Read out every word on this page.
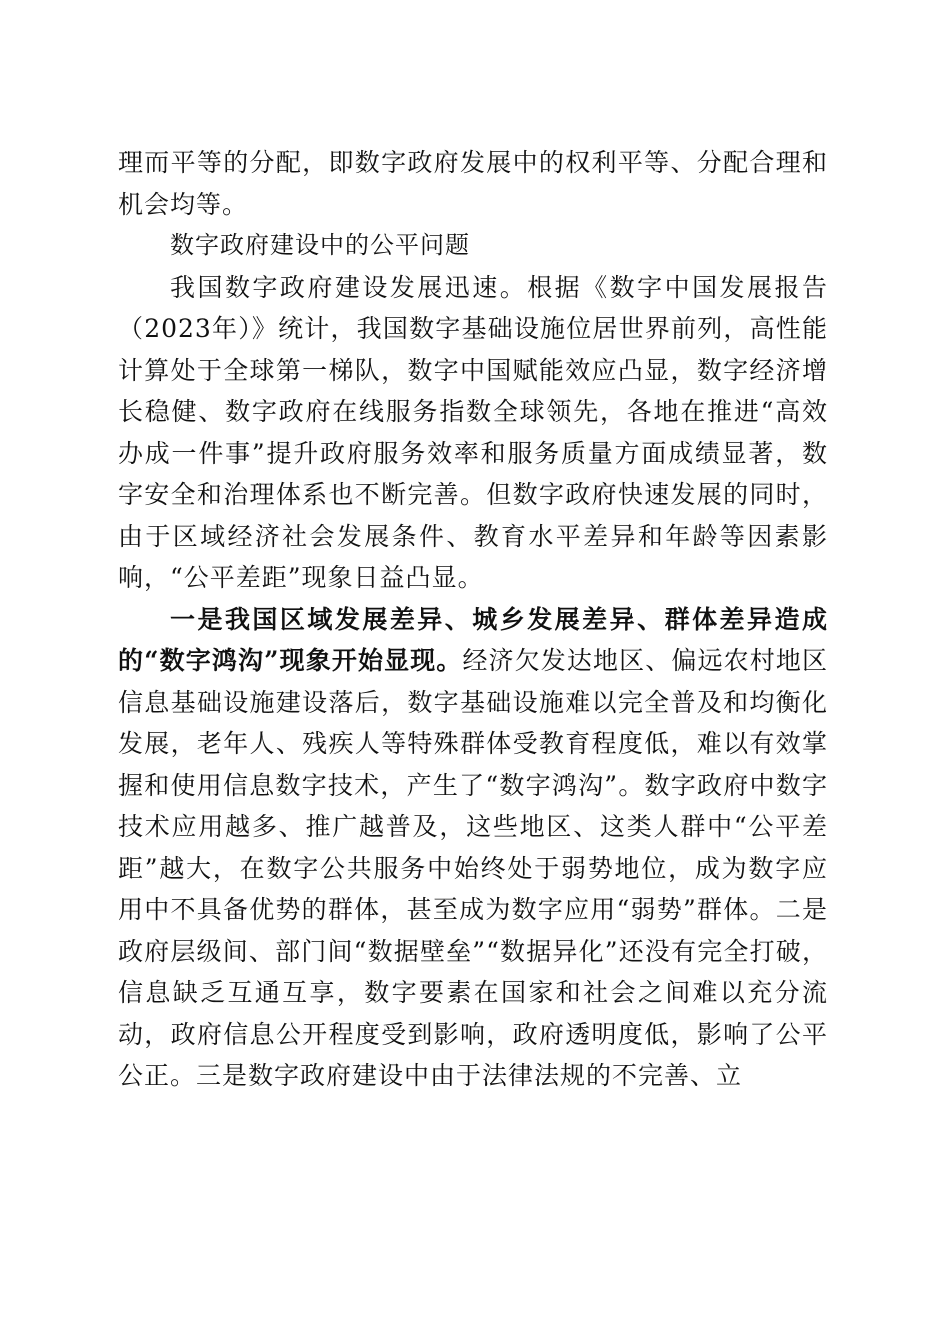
理而平等的分配，即数字政府发展中的权利平等、分配合理和机会均等。

数字政府建设中的公平问题

我国数字政府建设发展迅速。根据《数字中国发展报告（2023年）》统计，我国数字基础设施位居世界前列，高性能计算处于全球第一梯队，数字中国赋能效应凸显，数字经济增长稳健、数字政府在线服务指数全球领先，各地在推进“高效办成一件事”提升政府服务效率和服务质量方面成绩显著，数字安全和治理体系也不断完善。但数字政府快速发展的同时，由于区域经济社会发展条件、教育水平差异和年龄等因素影响，“公平差距”现象日益凸显。

一是我国区域发展差异、城乡发展差异、群体差异造成的“数字鸿沟”现象开始显现。经济欠发达地区、偏远农村地区信息基础设施建设落后，数字基础设施难以完全普及和均衡化发展，老年人、残疾人等特殊群体受教育程度低，难以有效掌握和使用信息数字技术，产生了“数字鸿沟”。数字政府中数字技术应用越多、推广越普及，这些地区、这类人群中“公平差距”越大，在数字公共服务中始终处于弱势地位，成为数字应用中不具备优势的群体，甚至成为数字应用“弱势”群体。二是政府层级间、部门间“数据壁垒”“数据异化”还没有完全打破，信息缺乏互通互享，数字要素在国家和社会之间难以充分流动，政府信息公开程度受到影响，政府透明度低，影响了公平公正。三是数字政府建设中由于法律法规的不完善、立
